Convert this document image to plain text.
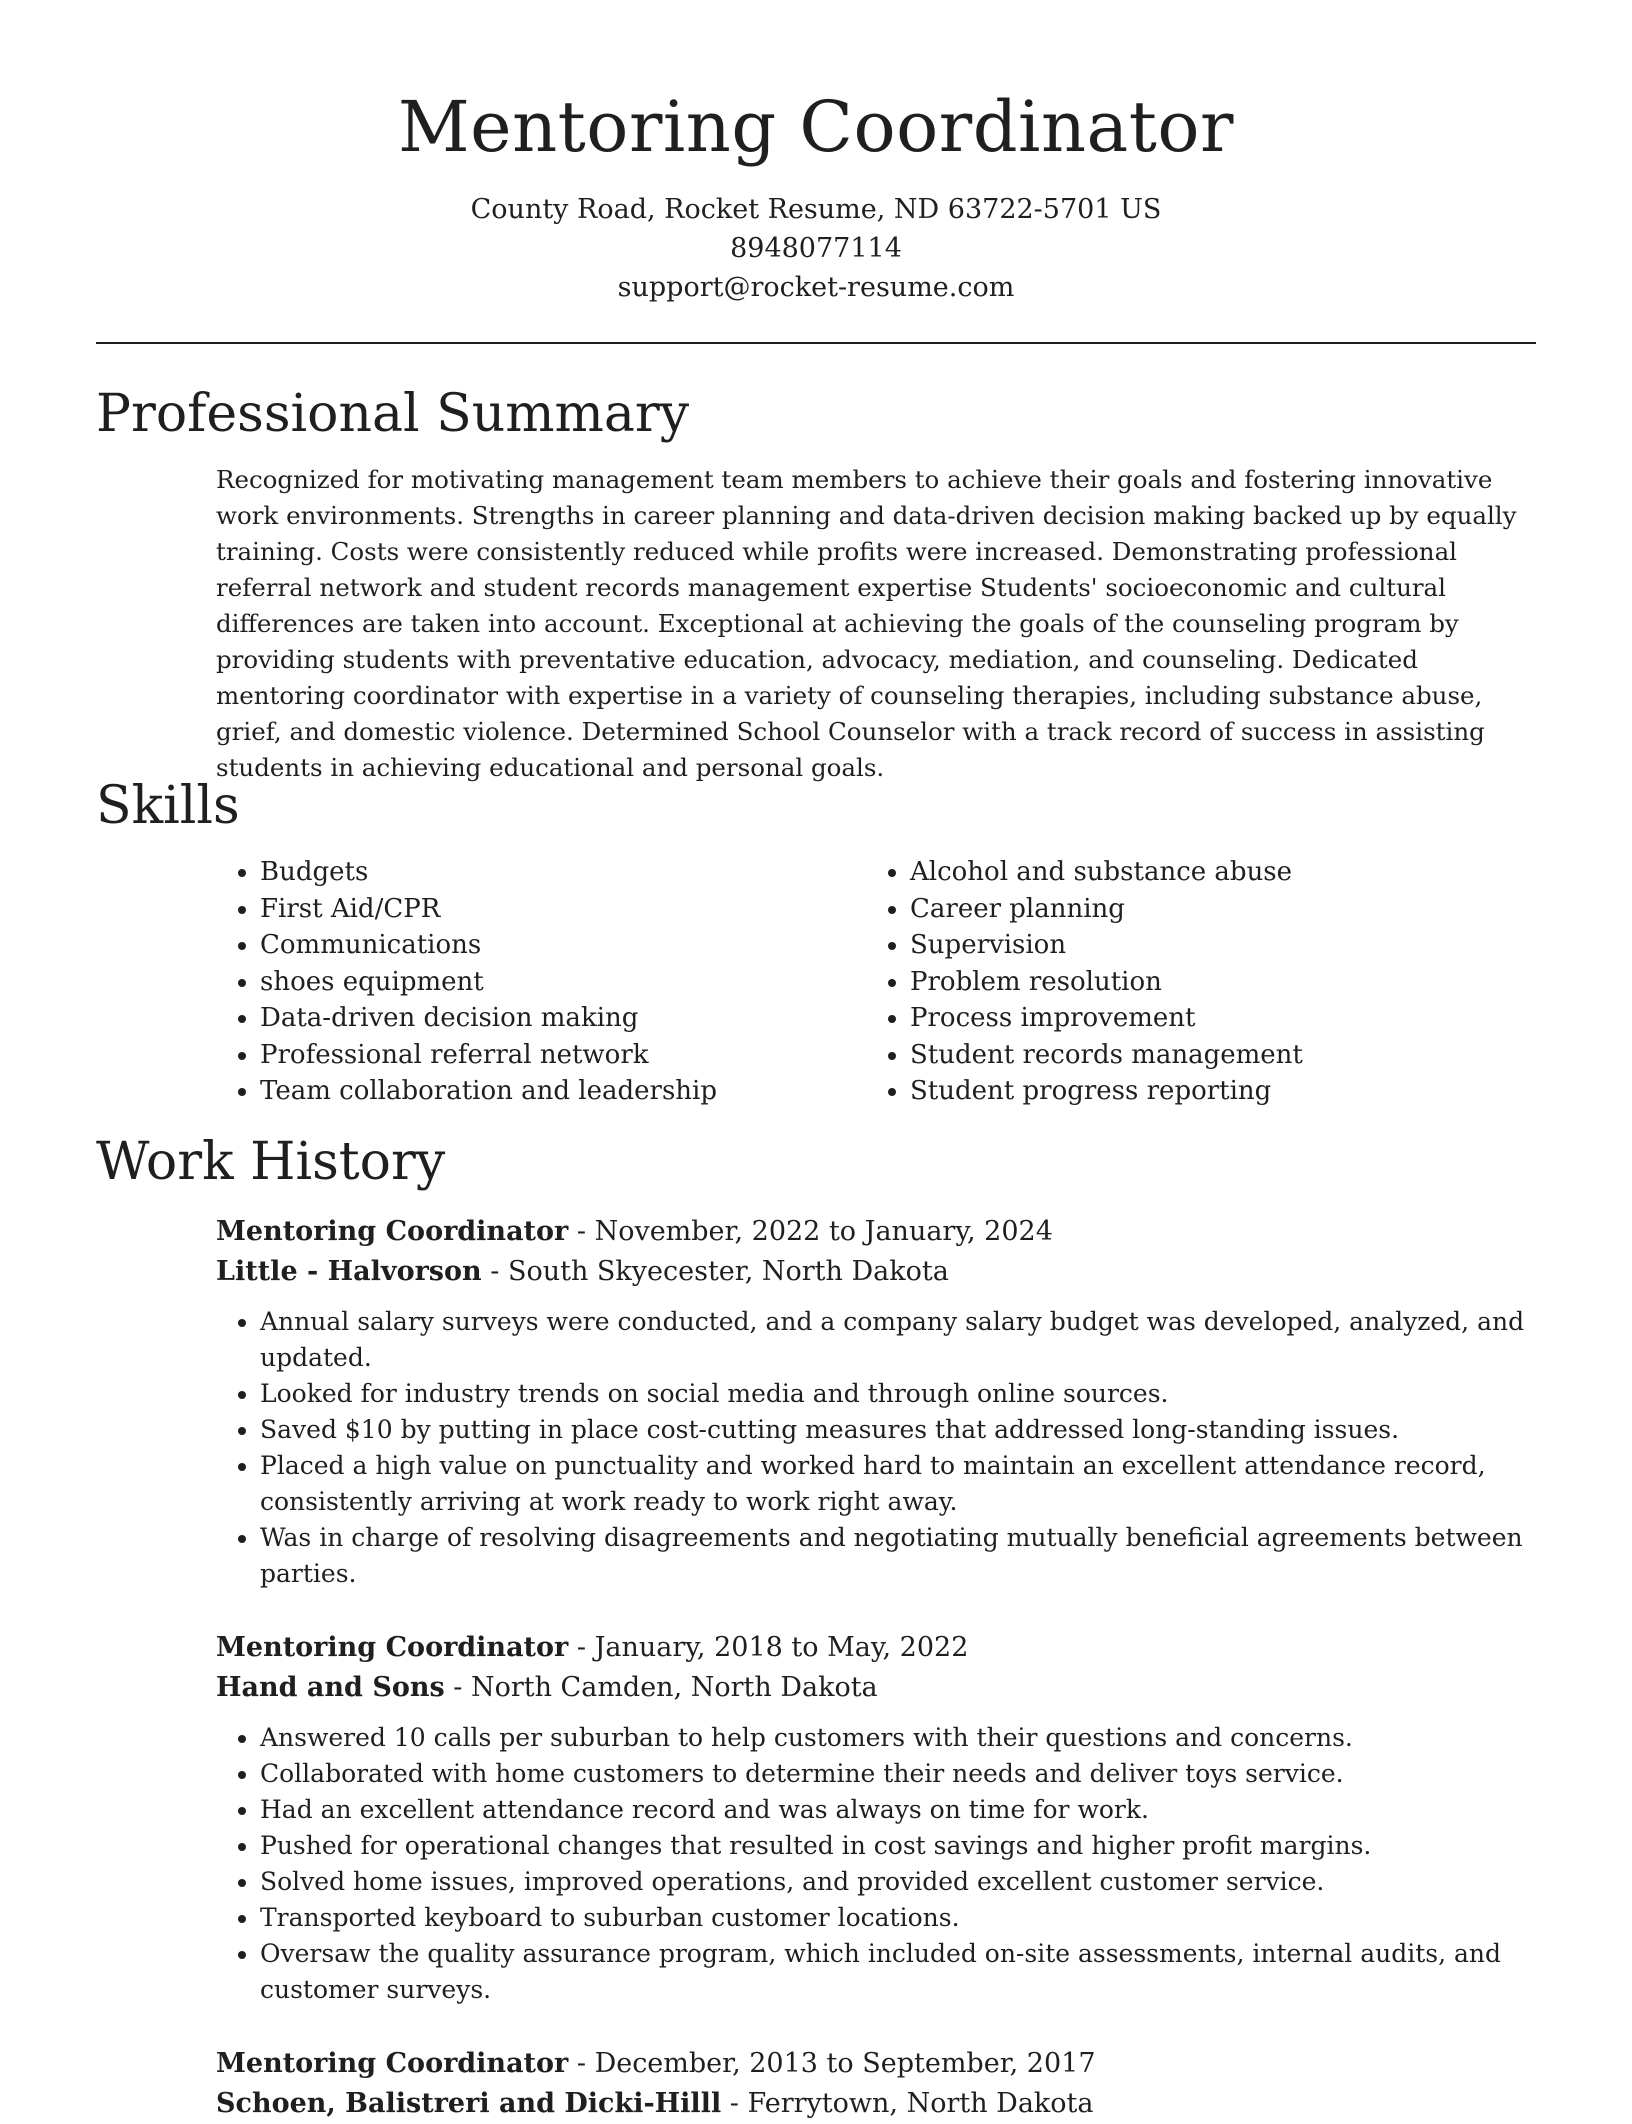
Mentoring Coordinator
County Road, Rocket Resume, ND 63722-5701 US
8948077114
support@rocket-resume.com
Professional Summary

Recognized for motivating management team members to achieve their goals and fostering innovative work environments. Strengths in career planning and data-driven decision making backed up by equally training. Costs were consistently reduced while profits were increased. Demonstrating professional referral network and student records management expertise Students' socioeconomic and cultural differences are taken into account. Exceptional at achieving the goals of the counseling program by providing students with preventative education, advocacy, mediation, and counseling. Dedicated mentoring coordinator with expertise in a variety of counseling therapies, including substance abuse, grief, and domestic violence. Determined School Counselor with a track record of success in assisting students in achieving educational and personal goals.

Skills
• Budgets
• First Aid/CPR
• Communications
• shoes equipment
• Data-driven decision making
• Professional referral network
• Team collaboration and leadership
• Alcohol and substance abuse
• Career planning
• Supervision
• Problem resolution
• Process improvement
• Student records management
• Student progress reporting
Work History
Mentoring Coordinator - November, 2022 to January, 2024
Little - Halvorson - South Skyecester, North Dakota
• Annual salary surveys were conducted, and a company salary budget was developed, analyzed, and updated.
• Looked for industry trends on social media and through online sources.
• Saved $10 by putting in place cost-cutting measures that addressed long-standing issues.
• Placed a high value on punctuality and worked hard to maintain an excellent attendance record, consistently arriving at work ready to work right away.
• Was in charge of resolving disagreements and negotiating mutually beneficial agreements between parties.
Mentoring Coordinator - January, 2018 to May, 2022
Hand and Sons - North Camden, North Dakota
• Answered 10 calls per suburban to help customers with their questions and concerns.
• Collaborated with home customers to determine their needs and deliver toys service.
• Had an excellent attendance record and was always on time for work.
• Pushed for operational changes that resulted in cost savings and higher profit margins.
• Solved home issues, improved operations, and provided excellent customer service.
• Transported keyboard to suburban customer locations.
• Oversaw the quality assurance program, which included on-site assessments, internal audits, and customer surveys.
Mentoring Coordinator - December, 2013 to September, 2017
Schoen, Balistreri and Dicki-Hilll - Ferrytown, North Dakota
